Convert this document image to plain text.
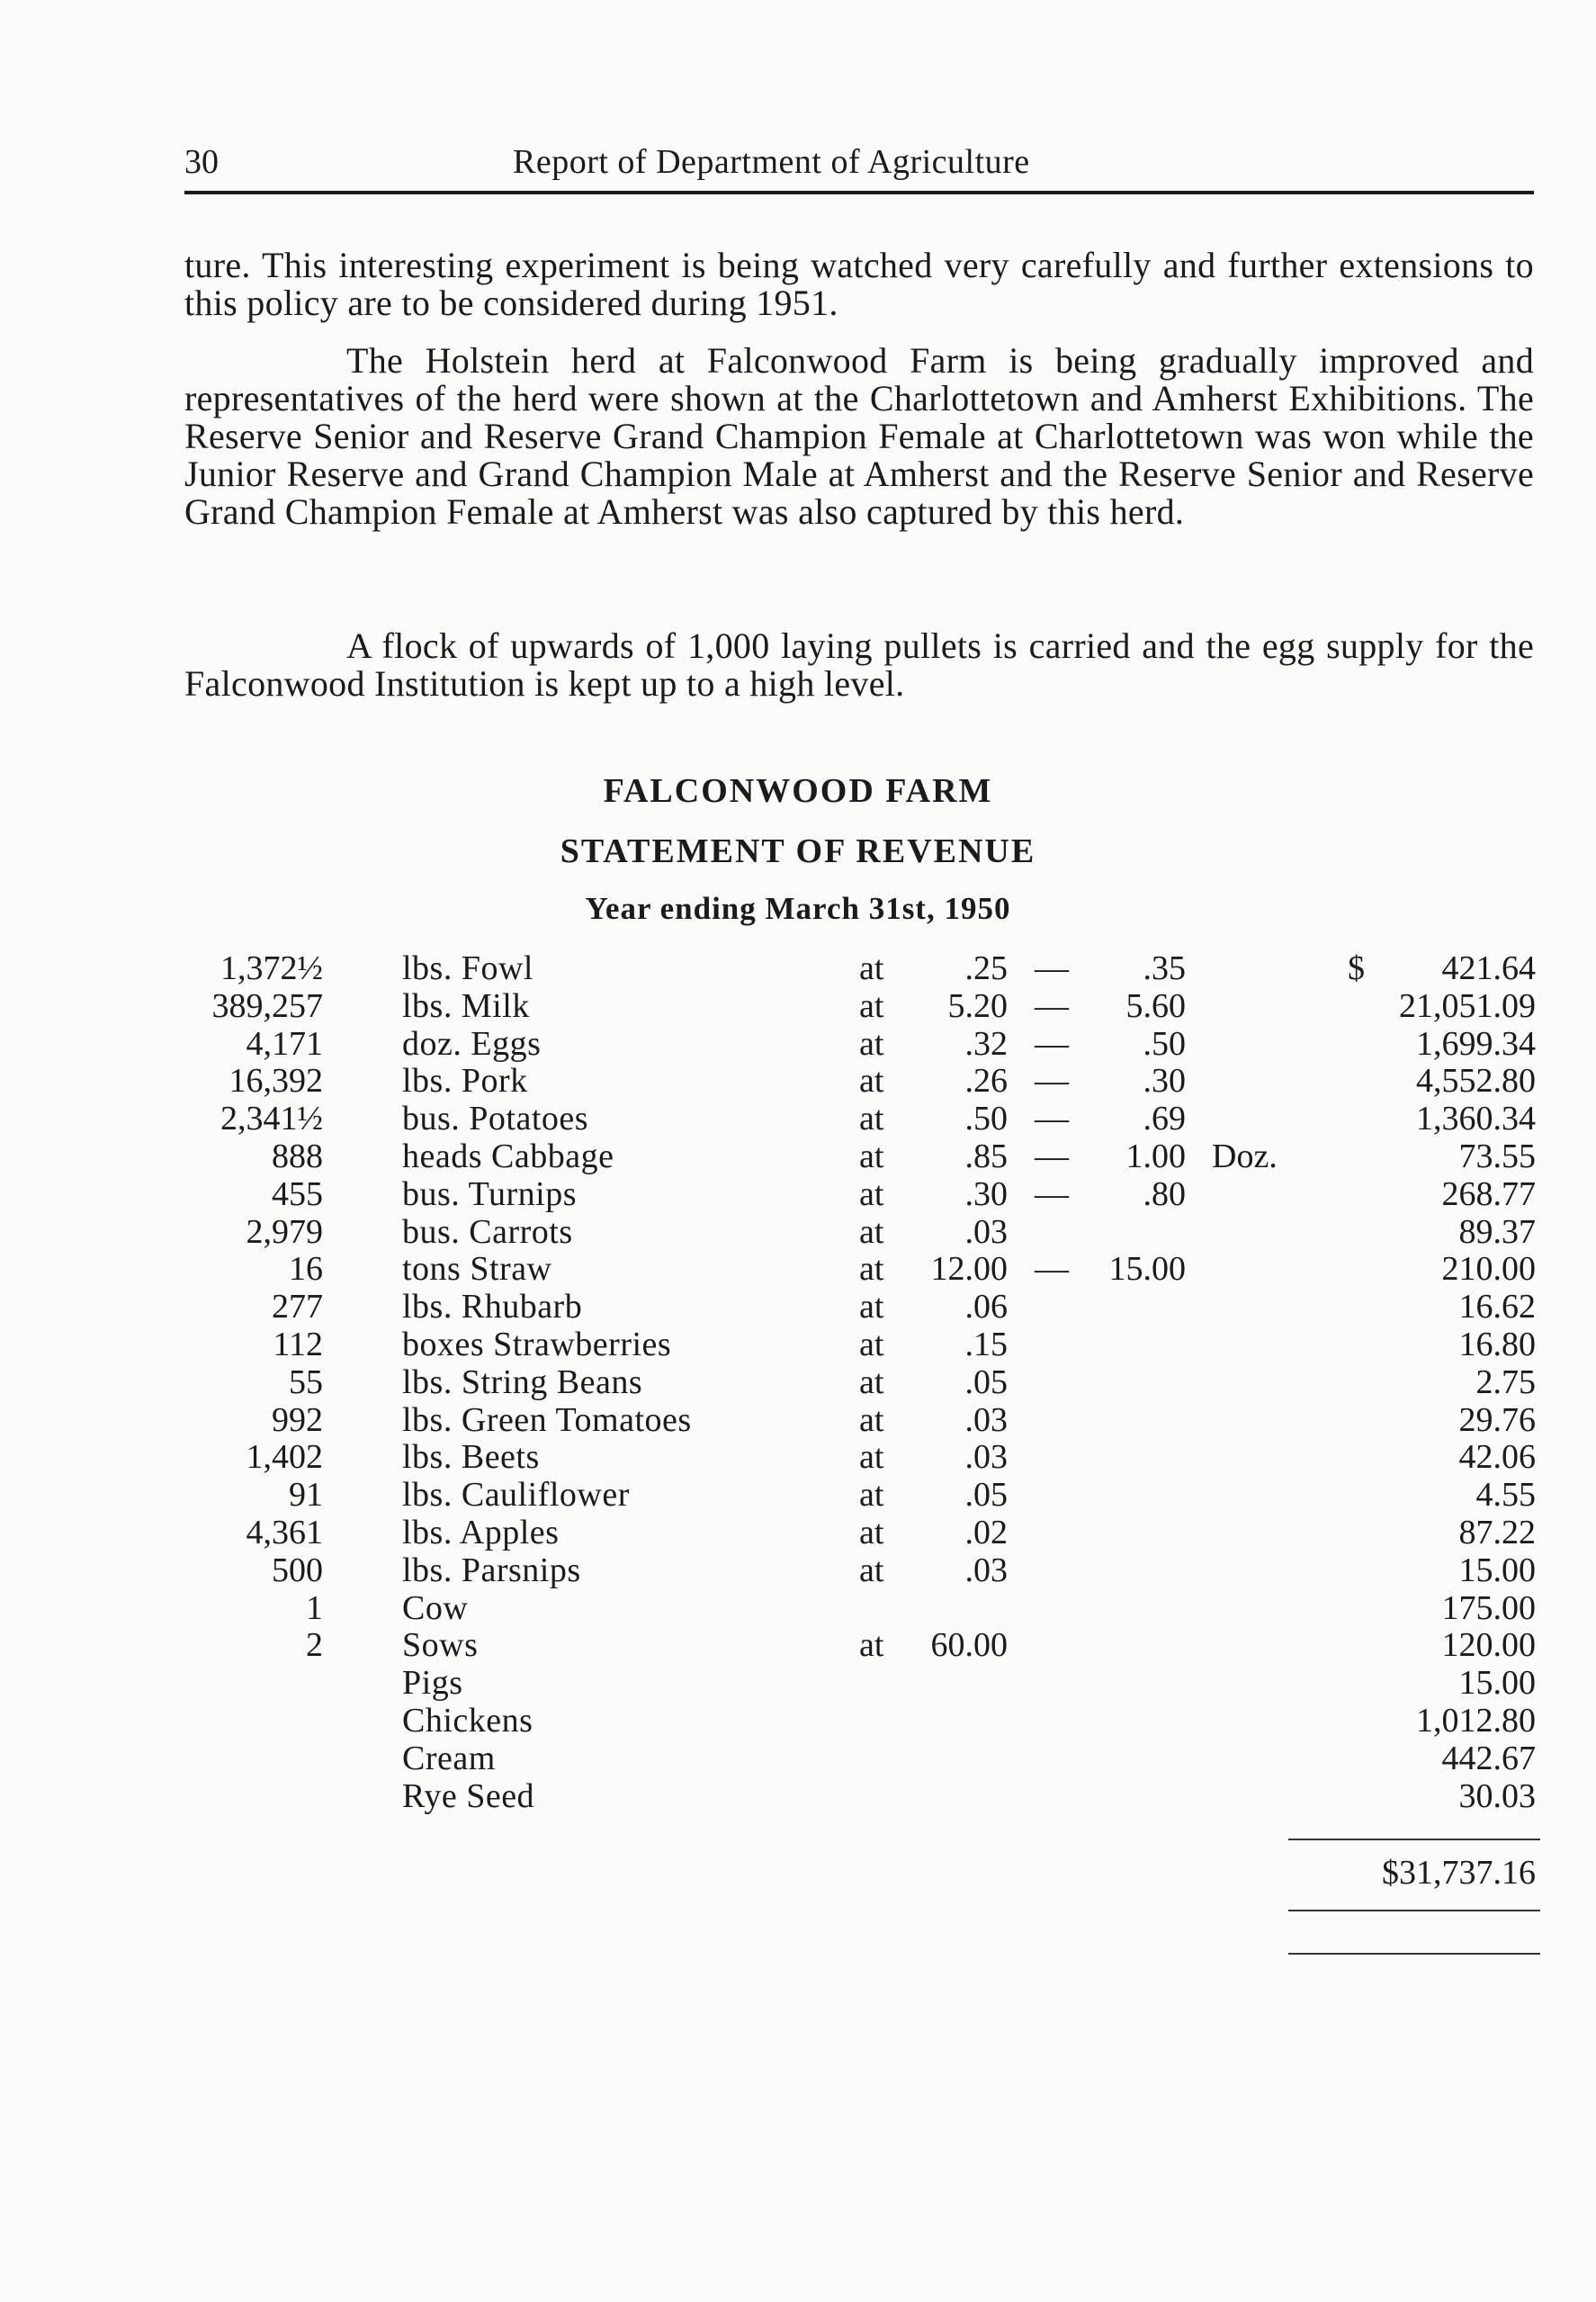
30	Report of Department of Agriculture

ture. This interesting experiment is being watched very carefully and further extensions to this policy are to be considered during 1951.

The Holstein herd at Falconwood Farm is being gradually improved and representatives of the herd were shown at the Charlottetown and Amherst Exhibitions. The Reserve Senior and Reserve Grand Champion Female at Charlottetown was won while the Junior Reserve and Grand Champion Male at Amherst and the Reserve Senior and Reserve Grand Champion Female at Amherst was also captured by this herd.

A flock of upwards of 1,000 laying pullets is carried and the egg supply for the Falconwood Institution is kept up to a high level.

FALCONWOOD FARM
STATEMENT OF REVENUE
Year ending March 31st, 1950
1,372½ lbs. Fowl	at .25 — .35	$ 421.64
389,257 lbs. Milk	at 5.20 — 5.60	21,051.09
4,171 doz. Eggs	at .32 — .50	1,699.34
16,392 lbs. Pork	at .26 — .30	4,552.80
2,341½ bus. Potatoes	at .50 — .69	1,360.34
888 heads Cabbage	at .85 — 1.00 Doz.	73.55
455 bus. Turnips	at .30 — .80	268.77
2,979 bus. Carrots	at .03	89.37
16 tons Straw	at 12.00 — 15.00	210.00
277 lbs. Rhubarb	at .06	16.62
112 boxes Strawberries	at .15	16.80
55 lbs. String Beans	at .05	2.75
992 lbs. Green Tomatoes	at .03	29.76
1,402 lbs. Beets	at .03	42.06
91 lbs. Cauliflower	at .05	4.55
4,361 lbs. Apples	at .02	87.22
500 lbs. Parsnips	at .03	15.00
1 Cow	175.00
2 Sows	at 60.00	120.00
Pigs	15.00
Chickens	1,012.80
Cream	442.67
Rye Seed	30.03
$31,737.16
